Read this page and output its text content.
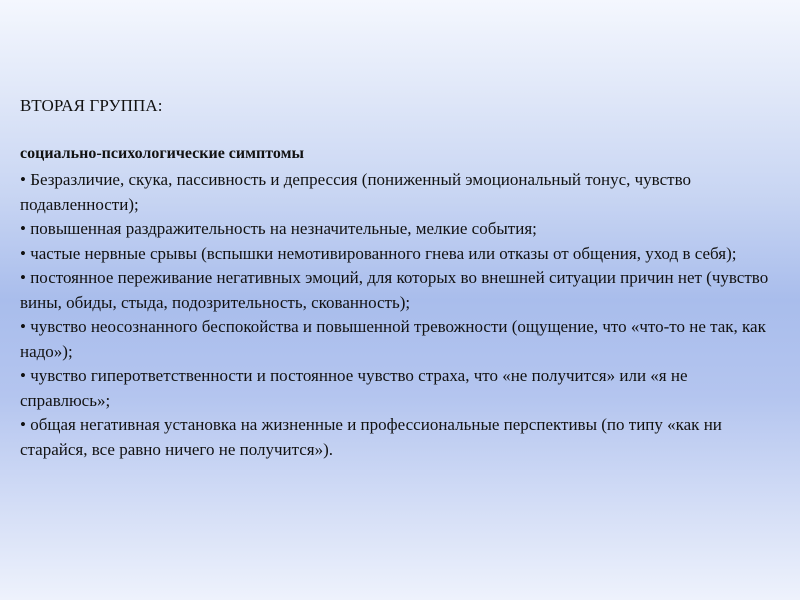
ВТОРАЯ ГРУППА:
социально-психологические симптомы
• Безразличие, скука, пассивность и депрессия (пониженный эмоциональный тонус, чувство подавленности);
• повышенная раздражительность на незначительные, мелкие события;
• частые нервные срывы (вспышки немотивированного гнева или отказы от общения, уход в себя);
• постоянное переживание негативных эмоций, для которых во внешней ситуации причин нет (чувство вины, обиды, стыда, подозрительность, скованность);
• чувство неосознанного беспокойства и повышенной тревожности (ощущение, что «что-то не так, как надо»);
• чувство гиперответственности и постоянное чувство страха, что «не получится» или «я не справлюсь»;
• общая негативная установка на жизненные и профессиональные перспективы (по типу «как ни старайся, все равно ничего не получится»).
